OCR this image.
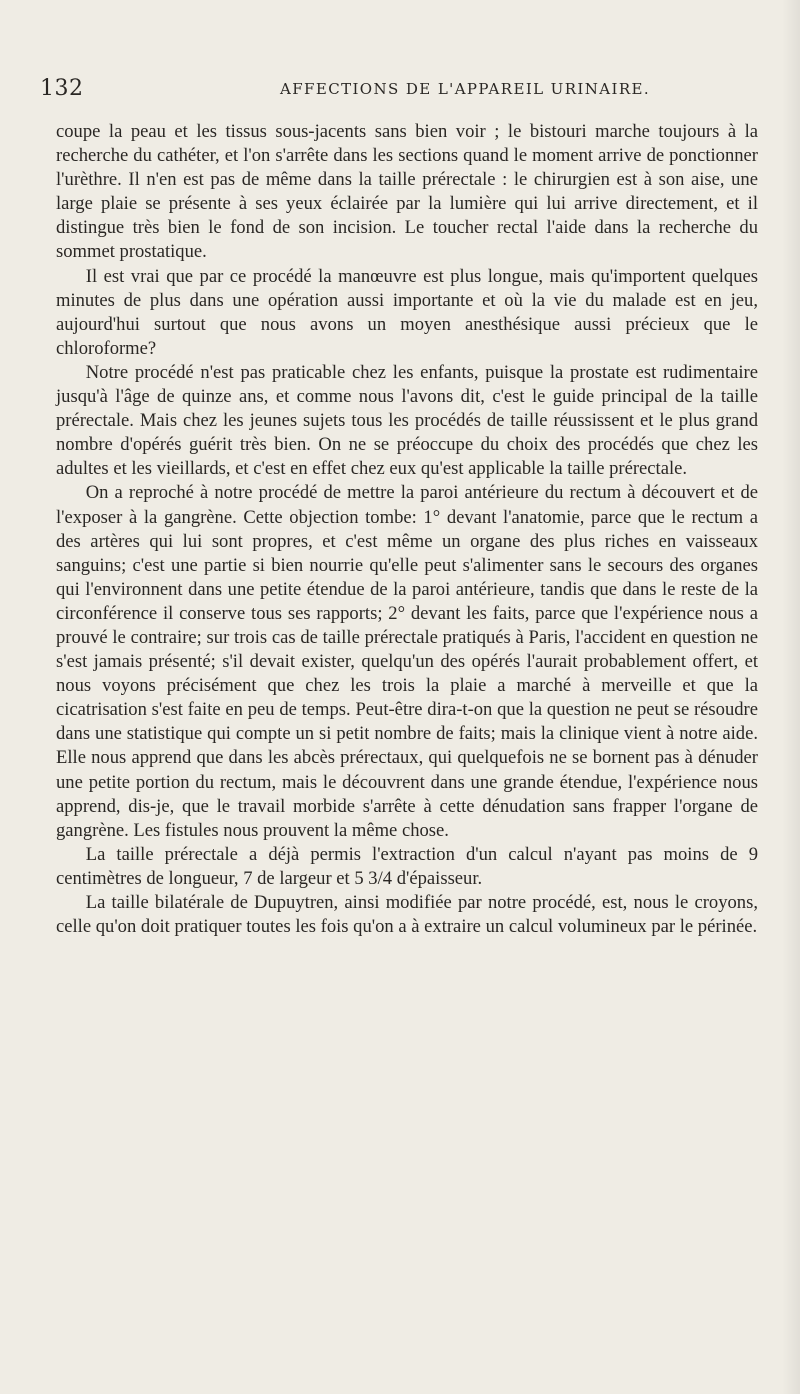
132	AFFECTIONS DE L'APPAREIL URINAIRE.

coupe la peau et les tissus sous-jacents sans bien voir ; le bistouri marche toujours à la recherche du cathéter, et l'on s'arrête dans les sections quand le moment arrive de ponctionner l'urèthre. Il n'en est pas de même dans la taille prérectale : le chirurgien est à son aise, une large plaie se présente à ses yeux éclairée par la lumière qui lui arrive directement, et il distingue très bien le fond de son incision. Le toucher rectal l'aide dans la recherche du sommet prostatique.

Il est vrai que par ce procédé la manœuvre est plus longue, mais qu'importent quelques minutes de plus dans une opération aussi importante et où la vie du malade est en jeu, aujourd'hui surtout que nous avons un moyen anesthésique aussi précieux que le chloroforme?

Notre procédé n'est pas praticable chez les enfants, puisque la prostate est rudimentaire jusqu'à l'âge de quinze ans, et comme nous l'avons dit, c'est le guide principal de la taille prérectale. Mais chez les jeunes sujets tous les procédés de taille réussissent et le plus grand nombre d'opérés guérit très bien. On ne se préoccupe du choix des procédés que chez les adultes et les vieillards, et c'est en effet chez eux qu'est applicable la taille prérectale.

On a reproché à notre procédé de mettre la paroi antérieure du rectum à découvert et de l'exposer à la gangrène. Cette objection tombe: 1° devant l'anatomie, parce que le rectum a des artères qui lui sont propres, et c'est même un organe des plus riches en vaisseaux sanguins; c'est une partie si bien nourrie qu'elle peut s'alimenter sans le secours des organes qui l'environnent dans une petite étendue de la paroi antérieure, tandis que dans le reste de la circonférence il conserve tous ses rapports; 2° devant les faits, parce que l'expérience nous a prouvé le contraire; sur trois cas de taille prérectale pratiqués à Paris, l'accident en question ne s'est jamais présenté; s'il devait exister, quelqu'un des opérés l'aurait probablement offert, et nous voyons précisément que chez les trois la plaie a marché à merveille et que la cicatrisation s'est faite en peu de temps. Peut-être dira-t-on que la question ne peut se résoudre dans une statistique qui compte un si petit nombre de faits; mais la clinique vient à notre aide. Elle nous apprend que dans les abcès prérectaux, qui quelquefois ne se bornent pas à dénuder une petite portion du rectum, mais le découvrent dans une grande étendue, l'expérience nous apprend, dis-je, que le travail morbide s'arrête à cette dénudation sans frapper l'organe de gangrène. Les fistules nous prouvent la même chose.

La taille prérectale a déjà permis l'extraction d'un calcul n'ayant pas moins de 9 centimètres de longueur, 7 de largeur et 5 3/4 d'épaisseur.

La taille bilatérale de Dupuytren, ainsi modifiée par notre procédé, est, nous le croyons, celle qu'on doit pratiquer toutes les fois qu'on a à extraire un calcul volumineux par le périnée.
